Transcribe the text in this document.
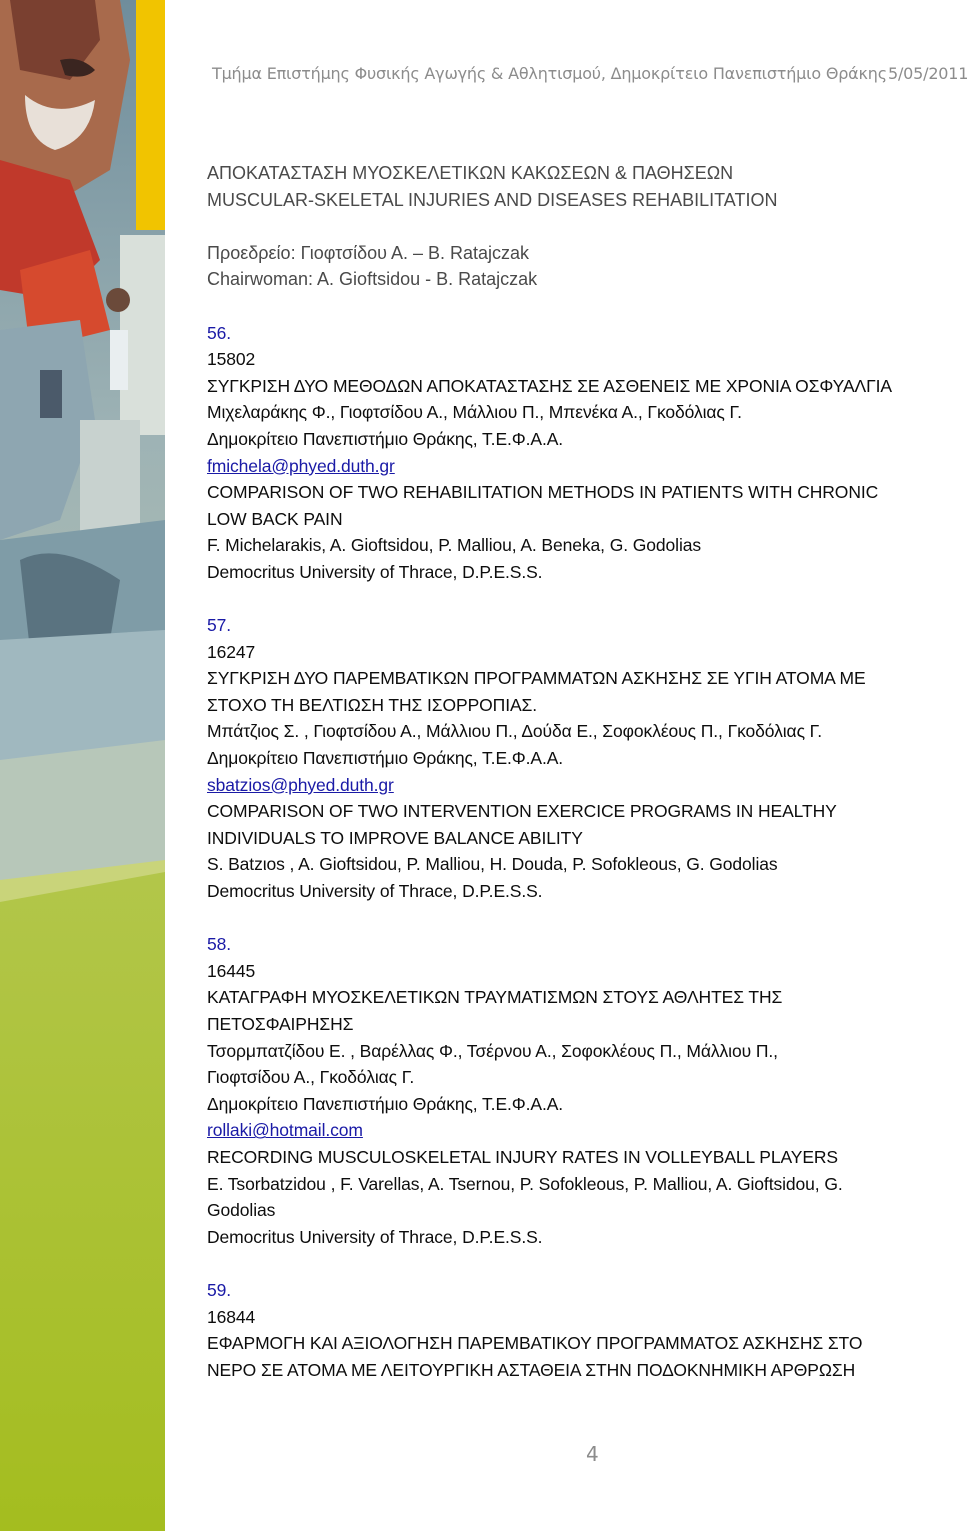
Τμήμα Επιστήμης Φυσικής Αγωγής & Αθλητισμού, Δημοκρίτειο Πανεπιστήμιο Θράκης 5/05/2011
ΑΠΟΚΑΤΑΣΤΑΣΗ ΜΥΟΣΚΕΛΕΤΙΚΩΝ ΚΑΚΩΣΕΩΝ & ΠΑΘΗΣΕΩΝ
MUSCULAR-SKELETAL INJURIES AND DISEASES REHABILITATION
Προεδρείο: Γιοφτσίδου Α. – B. Ratajczak
Chairwoman: A. Gioftsidou - B. Ratajczak
56.
15802
ΣΥΓΚΡΙΣΗ ΔΥΟ ΜΕΘΟΔΩΝ ΑΠΟΚΑΤΑΣΤΑΣΗΣ ΣΕ ΑΣΘΕΝΕΙΣ ΜΕ ΧΡΟΝΙΑ ΟΣΦΥΑΛΓΙΑ
Μιχελαράκης Φ., Γιοφτσίδου Α., Μάλλιου Π., Μπενέκα Α., Γκοδόλιας Γ.
Δημοκρίτειο Πανεπιστήμιο Θράκης, Τ.Ε.Φ.Α.Α.
fmichela@phyed.duth.gr
COMPARISON OF TWO REHABILITATION METHODS IN PATIENTS WITH CHRONIC
LOW BACK PAIN
F. Michelarakis, A. Gioftsidou, P. Malliou, A. Beneka, G. Godolias
Democritus University of Thrace, D.P.E.S.S.
57.
16247
ΣΥΓΚΡΙΣΗ ΔΥΟ ΠΑΡΕΜΒΑΤΙΚΩΝ ΠΡΟΓΡΑΜΜΑΤΩΝ ΑΣΚΗΣΗΣ ΣΕ ΥΓΙΗ ΑΤΟΜΑ ΜΕ
ΣΤΟΧΟ ΤΗ ΒΕΛΤΙΩΣΗ ΤΗΣ ΙΣΟΡΡΟΠΙΑΣ.
Μπάτζιος Σ. , Γιοφτσίδου Α., Μάλλιου Π., Δούδα Ε., Σοφοκλέους Π., Γκοδόλιας Γ.
Δημοκρίτειο Πανεπιστήμιο Θράκης, Τ.Ε.Φ.Α.Α.
sbatzios@phyed.duth.gr
COMPARISON OF TWO INTERVENTION EXERCICE PROGRAMS IN HEALTHY
INDIVIDUALS TO IMPROVE BALANCE ABILITY
S. Batzιos , A. Gioftsidou, P. Malliou, H. Douda, P. Sofokleous, G. Godolias
Democritus University of Thrace, D.P.E.S.S.
58.
16445
ΚΑΤΑΓΡΑΦΗ ΜΥΟΣΚΕΛΕΤΙΚΩΝ ΤΡΑΥΜΑΤΙΣΜΩΝ ΣΤΟΥΣ ΑΘΛΗΤΕΣ ΤΗΣ
ΠΕΤΟΣΦΑΙΡΗΣΗΣ
Τσορμπατζίδου Ε. , Βαρέλλας Φ., Τσέρνου Α., Σοφοκλέους Π., Μάλλιου Π.,
Γιοφτσίδου Α., Γκοδόλιας Γ.
Δημοκρίτειο Πανεπιστήμιο Θράκης, Τ.Ε.Φ.Α.Α.
rollaki@hotmail.com
RECORDING MUSCULOSKELETAL INJURY RATES IN VOLLEYBALL PLAYERS
E. Tsorbatzidou , F. Varellas, A. Tsernou, P. Sofokleous, P. Malliou, A. Gioftsidou, G.
Godolias
Democritus University of Thrace, D.P.E.S.S.
59.
16844
ΕΦΑΡΜΟΓΗ ΚΑΙ ΑΞΙΟΛΟΓΗΣΗ ΠΑΡΕΜΒΑΤΙΚΟΥ ΠΡΟΓΡΑΜΜΑΤΟΣ ΑΣΚΗΣΗΣ ΣΤΟ
ΝΕΡΟ ΣΕ ΑΤΟΜΑ ΜΕ ΛΕΙΤΟΥΡΓΙΚΗ ΑΣΤΑΘΕΙΑ ΣΤΗΝ ΠΟΔΟΚΝΗΜΙΚΗ ΑΡΘΡΩΣΗ
4
